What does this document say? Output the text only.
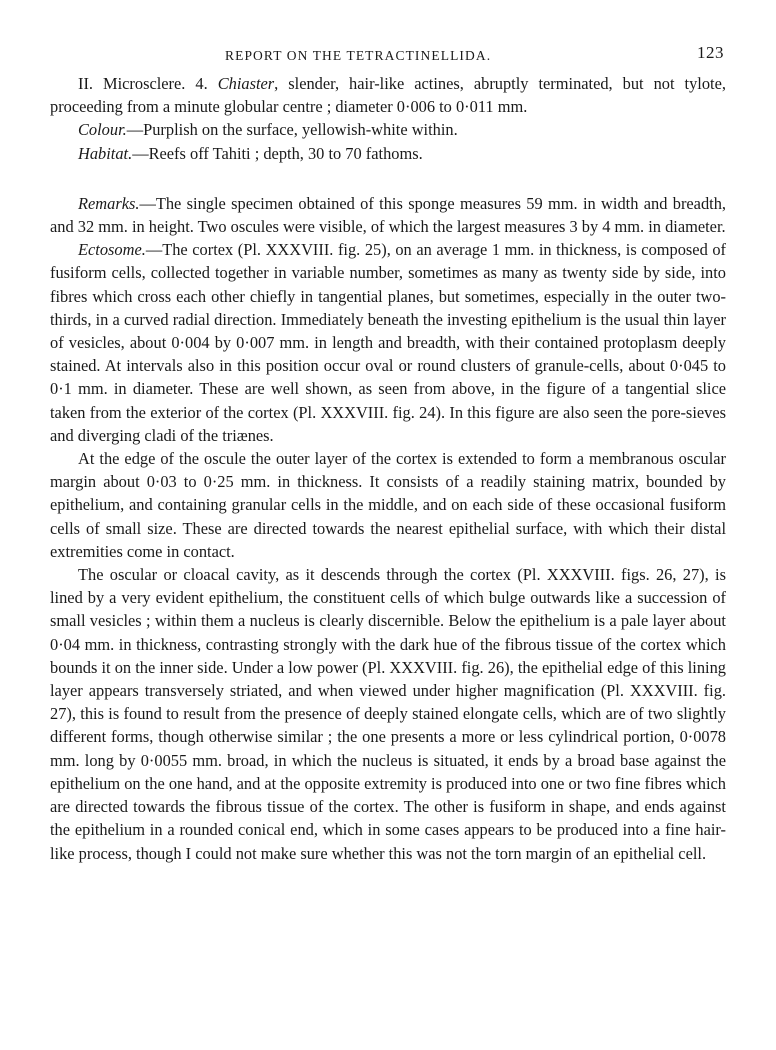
REPORT ON THE TETRACTINELLIDA.	123

II. Microsclere. 4. Chiaster, slender, hair-like actines, abruptly terminated, but not tylote, proceeding from a minute globular centre ; diameter 0·006 to 0·011 mm.

Colour.—Purplish on the surface, yellowish-white within.

Habitat.—Reefs off Tahiti ; depth, 30 to 70 fathoms.

Remarks.—The single specimen obtained of this sponge measures 59 mm. in width and breadth, and 32 mm. in height. Two oscules were visible, of which the largest measures 3 by 4 mm. in diameter.

Ectosome.—The cortex (Pl. XXXVIII. fig. 25), on an average 1 mm. in thickness, is composed of fusiform cells, collected together in variable number, sometimes as many as twenty side by side, into fibres which cross each other chiefly in tangential planes, but sometimes, especially in the outer two-thirds, in a curved radial direction. Immediately beneath the investing epithelium is the usual thin layer of vesicles, about 0·004 by 0·007 mm. in length and breadth, with their contained protoplasm deeply stained. At intervals also in this position occur oval or round clusters of granule-cells, about 0·045 to 0·1 mm. in diameter. These are well shown, as seen from above, in the figure of a tangential slice taken from the exterior of the cortex (Pl. XXXVIII. fig. 24). In this figure are also seen the pore-sieves and diverging cladi of the triænes.

At the edge of the oscule the outer layer of the cortex is extended to form a membranous oscular margin about 0·03 to 0·25 mm. in thickness. It consists of a readily staining matrix, bounded by epithelium, and containing granular cells in the middle, and on each side of these occasional fusiform cells of small size. These are directed towards the nearest epithelial surface, with which their distal extremities come in contact.

The oscular or cloacal cavity, as it descends through the cortex (Pl. XXXVIII. figs. 26, 27), is lined by a very evident epithelium, the constituent cells of which bulge outwards like a succession of small vesicles ; within them a nucleus is clearly discernible. Below the epithelium is a pale layer about 0·04 mm. in thickness, contrasting strongly with the dark hue of the fibrous tissue of the cortex which bounds it on the inner side. Under a low power (Pl. XXXVIII. fig. 26), the epithelial edge of this lining layer appears transversely striated, and when viewed under higher magnification (Pl. XXXVIII. fig. 27), this is found to result from the presence of deeply stained elongate cells, which are of two slightly different forms, though otherwise similar ; the one presents a more or less cylindrical portion, 0·0078 mm. long by 0·0055 mm. broad, in which the nucleus is situated, it ends by a broad base against the epithelium on the one hand, and at the opposite extremity is produced into one or two fine fibres which are directed towards the fibrous tissue of the cortex. The other is fusiform in shape, and ends against the epithelium in a rounded conical end, which in some cases appears to be produced into a fine hair-like process, though I could not make sure whether this was not the torn margin of an epithelial cell.
